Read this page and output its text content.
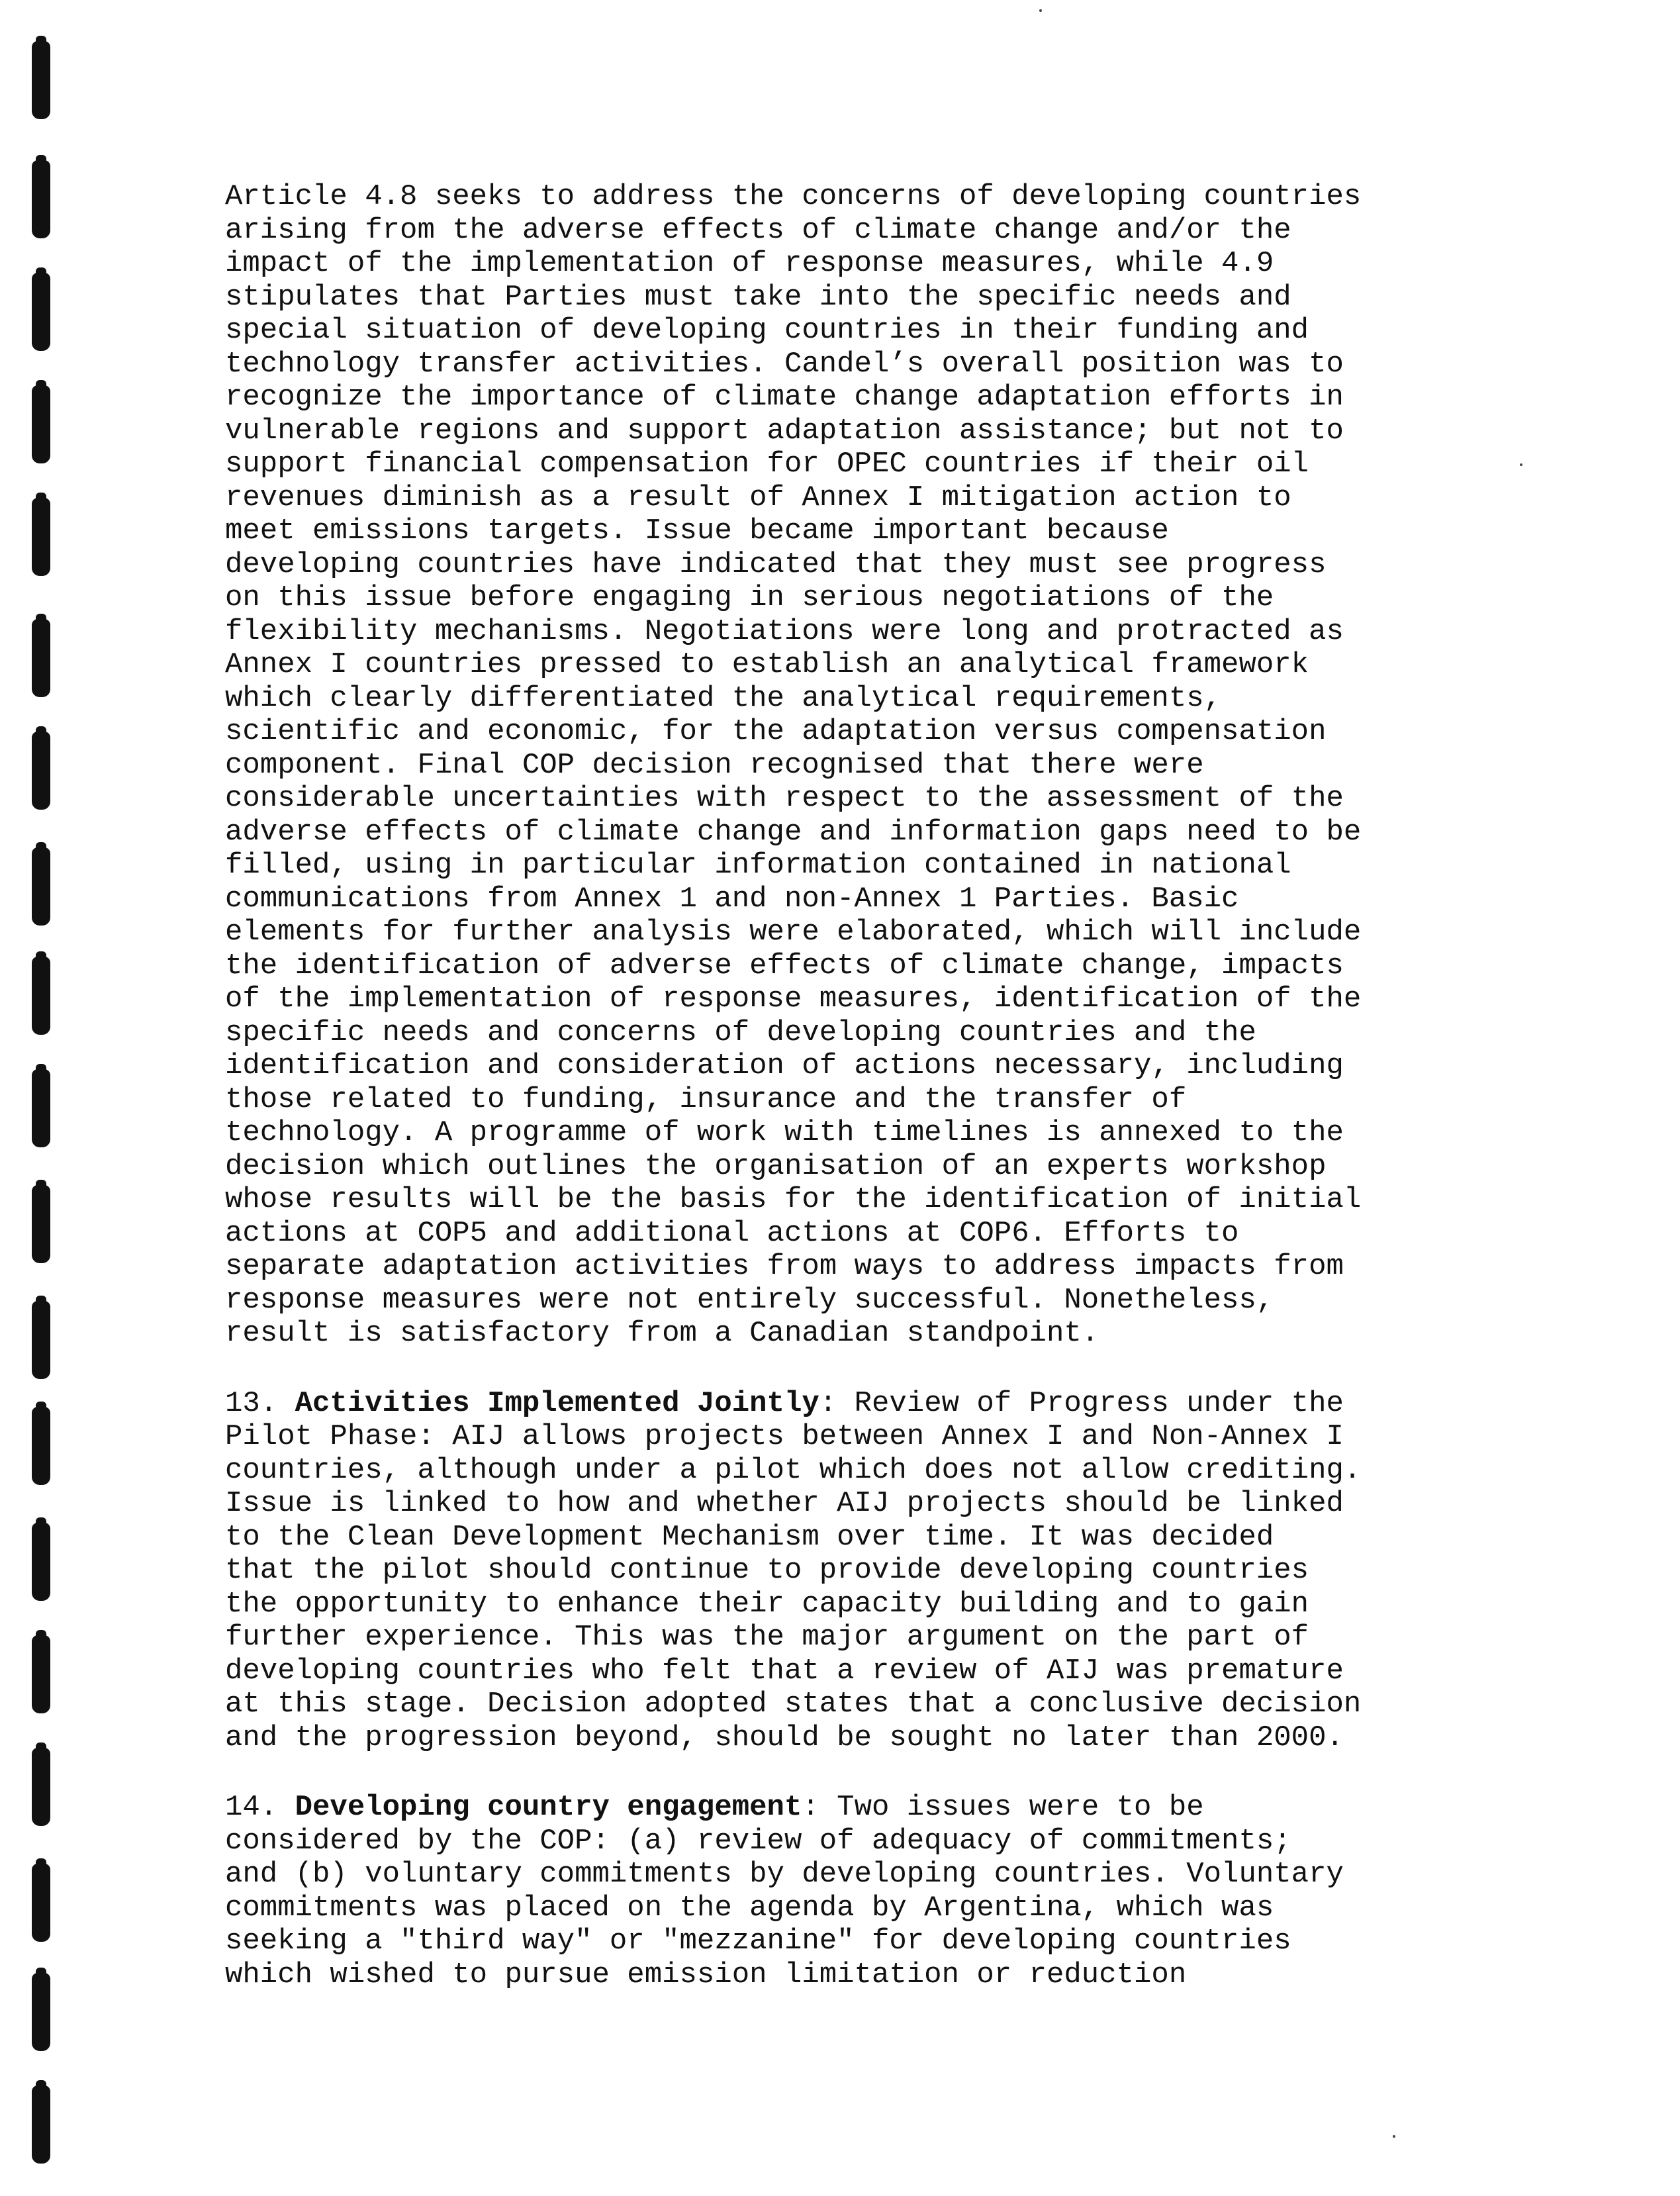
Article 4.8 seeks to address the concerns of developing countries
arising from the adverse effects of climate change and/or the
impact of the implementation of response measures, while 4.9
stipulates that Parties must take into the specific needs and
special situation of developing countries in their funding and
technology transfer activities. Candel’s overall position was to
recognize the importance of climate change adaptation efforts in
vulnerable regions and support adaptation assistance; but not to
support financial compensation for OPEC countries if their oil
revenues diminish as a result of Annex I mitigation action to
meet emissions targets. Issue became important because
developing countries have indicated that they must see progress
on this issue before engaging in serious negotiations of the
flexibility mechanisms. Negotiations were long and protracted as
Annex I countries pressed to establish an analytical framework
which clearly differentiated the analytical requirements,
scientific and economic, for the adaptation versus compensation
component. Final COP decision recognised that there were
considerable uncertainties with respect to the assessment of the
adverse effects of climate change and information gaps need to be
filled, using in particular information contained in national
communications from Annex 1 and non-Annex 1 Parties. Basic
elements for further analysis were elaborated, which will include
the identification of adverse effects of climate change, impacts
of the implementation of response measures, identification of the
specific needs and concerns of developing countries and the
identification and consideration of actions necessary, including
those related to funding, insurance and the transfer of
technology. A programme of work with timelines is annexed to the
decision which outlines the organisation of an experts workshop
whose results will be the basis for the identification of initial
actions at COP5 and additional actions at COP6. Efforts to
separate adaptation activities from ways to address impacts from
response measures were not entirely successful. Nonetheless,
result is satisfactory from a Canadian standpoint.

13. Activities Implemented Jointly: Review of Progress under the
Pilot Phase: AIJ allows projects between Annex I and Non-Annex I
countries, although under a pilot which does not allow crediting.
Issue is linked to how and whether AIJ projects should be linked
to the Clean Development Mechanism over time. It was decided
that the pilot should continue to provide developing countries
the opportunity to enhance their capacity building and to gain
further experience. This was the major argument on the part of
developing countries who felt that a review of AIJ was premature
at this stage. Decision adopted states that a conclusive decision
and the progression beyond, should be sought no later than 2000.

14. Developing country engagement: Two issues were to be
considered by the COP: (a) review of adequacy of commitments;
and (b) voluntary commitments by developing countries. Voluntary
commitments was placed on the agenda by Argentina, which was
seeking a "third way" or "mezzanine" for developing countries
which wished to pursue emission limitation or reduction
